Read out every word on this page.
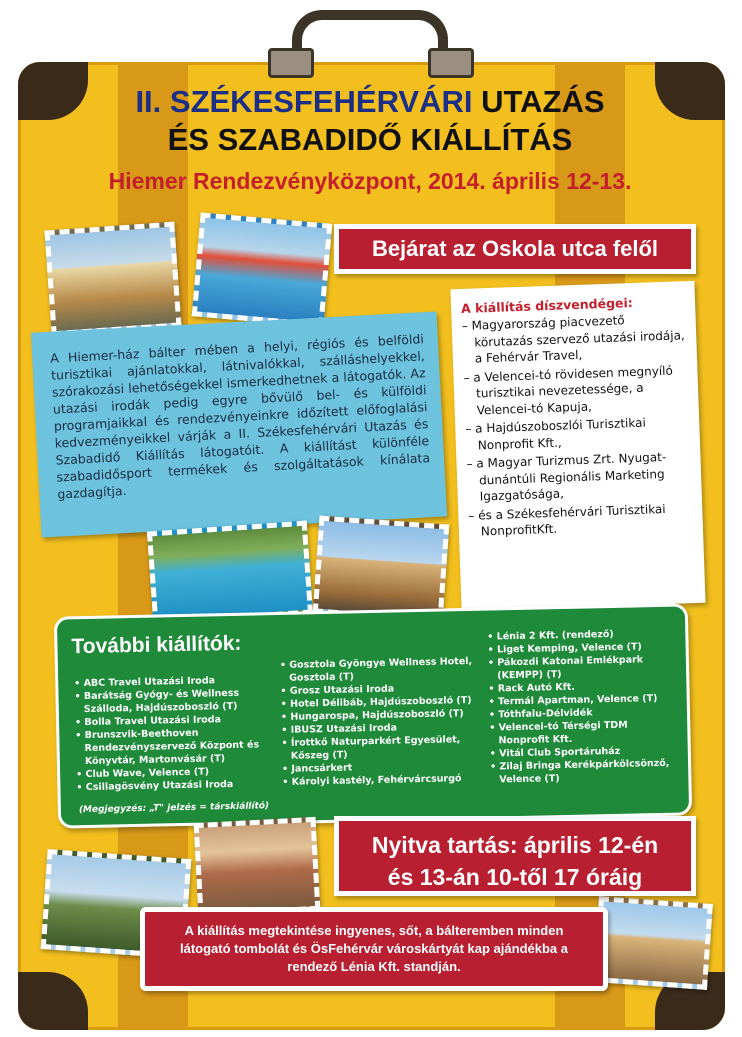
II. SZÉKESFEHÉRVÁRI UTAZÁS
ÉS SZABADIDŐ KIÁLLÍTÁS
Hiemer Rendezvényközpont, 2014. április 12-13.
Bejárat az Oskola utca felől

A Hiemer-ház bálter mében a helyi, régiós és belföldi turisztikai ajánlatokkal, látnivalókkal, szálláshelyekkel, szórakozási lehetőségekkel ismerkedhetnek a látogatók. Az utazási irodák pedig egyre bővülő bel- és külföldi programjaikkal és rendezvényeinkre időzített előfoglalási kedvezményeikkel várják a II. Székesfehérvári Utazás és Szabadidő Kiállítás látogatóit. A kiállítást különféle szabadidősport termékek és szolgáltatások kínálata gazdagítja.

A kiállítás díszvendégei:
– Magyarország piacvezető körutazás szervező utazási irodája, a Fehérvár Travel,
– a Velencei-tó rövidesen megnyíló turisztikai nevezetessége, a Velencei-tó Kapuja,
– a Hajdúszoboszlói Turisztikai Nonprofit Kft.,
– a Magyar Turizmus Zrt. Nyugat-dunántúli Regionális Marketing Igazgatósága,
– és a Székesfehérvári Turisztikai NonprofitKft.
További kiállítók:
• ABC Travel Utazási Iroda
• Barátság Gyógy- és Wellness Szálloda, Hajdúszoboszló (T)
• Bolla Travel Utazási Iroda
• Brunszvik-Beethoven Rendezvényszervező Központ és Könyvtár, Martonvásár (T)
• Club Wave, Velence (T)
• Csillagösvény Utazási Iroda
• Gosztola Gyöngye Wellness Hotel, Gosztola (T)
• Grosz Utazási Iroda
• Hotel Délibáb, Hajdúszoboszló (T)
• Hungarospa, Hajdúszoboszló (T)
• IBUSZ Utazási Iroda
• Írottkő Naturparkért Egyesület, Kőszeg (T)
• Jancsárkert
• Károlyi kastély, Fehérvárcsurgó
• Lénia 2 Kft. (rendező)
• Liget Kemping, Velence (T)
• Pákozdi Katonai Emlékpark (KEMPP) (T)
• Rack Autó Kft.
• Termál Apartman, Velence (T)
• Tóthfalu-Délvidék
• Velencei-tó Térségi TDM Nonprofit Kft.
• Vitál Club Sportáruház
• Zilaj Bringa Kerékpárkölcsönző, Velence (T)
(Megjegyzés: „T" jelzés = társkiállító)
Nyitva tartás: április 12-én
és 13-án 10-től 17 óráig
A kiállítás megtekintése ingyenes, sőt, a bálteremben minden látogató tombolát és ÖsFehérvár városkártyát kap ajándékba a rendező Lénia Kft. standján.
